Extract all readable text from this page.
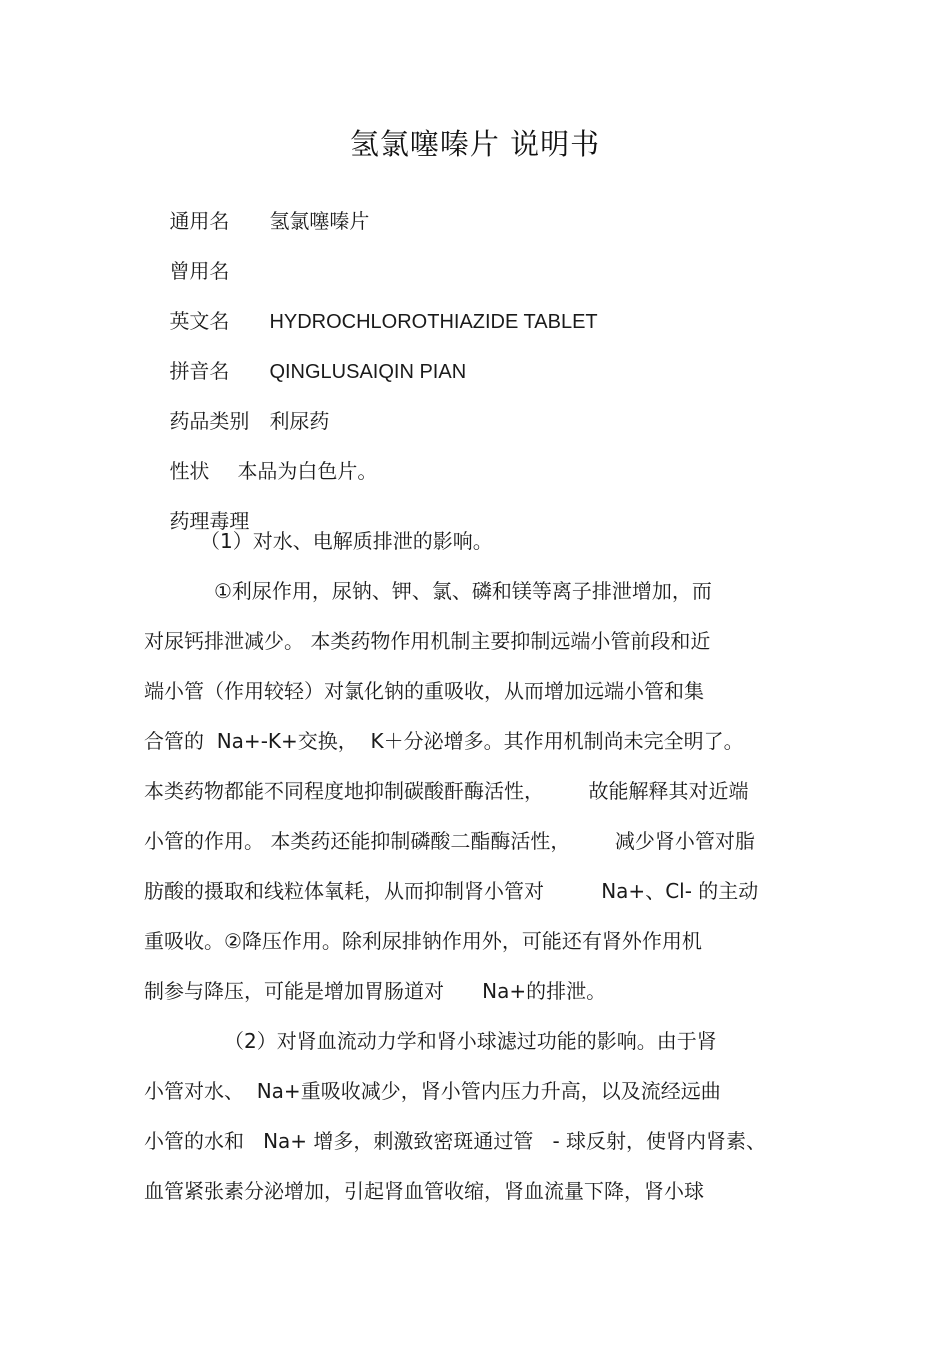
氢氯噻嗪片 说明书

通用名 氢氯噻嗪片

曾用名

英文名 HYDROCHLOROTHIAZIDE TABLET

拼音名 QINGLUSAIQIN PIAN

药品类别 利尿药

性状 本品为白色片。

药理毒理

（1）对水、电解质排泄的影响。
①利尿作用，尿钠、钾、氯、磷和镁等离子排泄增加，而
对尿钙排泄减少。 本类药物作用机制主要抑制远端小管前段和近
端小管（作用较轻）对氯化钠的重吸收，从而增加远端小管和集
合管的  Na+-K+交换，  K＋分泌增多。其作用机制尚未完全明了。
本类药物都能不同程度地抑制碳酸酐酶活性，       故能解释其对近端
小管的作用。 本类药还能抑制磷酸二酯酶活性，       减少肾小管对脂
肪酸的摄取和线粒体氧耗，从而抑制肾小管对         Na+、Cl- 的主动
重吸收。②降压作用。除利尿排钠作用外，可能还有肾外作用机
制参与降压，可能是增加胃肠道对      Na+的排泄。
（2）对肾血流动力学和肾小球滤过功能的影响。由于肾
小管对水、  Na+重吸收减少，肾小管内压力升高，以及流经远曲
小管的水和   Na+ 增多，刺激致密斑通过管   - 球反射，使肾内肾素、
血管紧张素分泌增加，引起肾血管收缩，肾血流量下降，肾小球
